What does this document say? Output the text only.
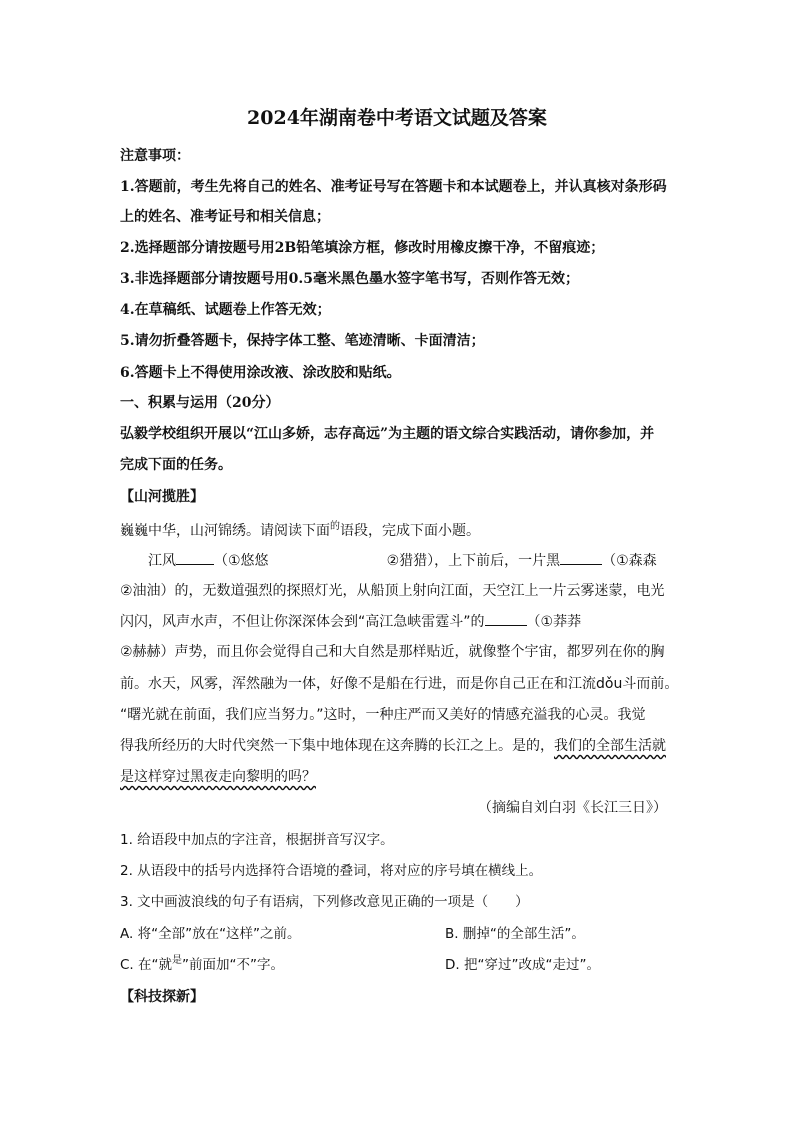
2024年湖南卷中考语文试题及答案
注意事项：
1.答题前，考生先将自己的姓名、准考证号写在答题卡和本试题卷上，并认真核对条形码
上的姓名、准考证号和相关信息；
2.选择题部分请按题号用2B铅笔填涂方框，修改时用橡皮擦干净，不留痕迹；
3.非选择题部分请按题号用0.5毫米黑色墨水签字笔书写，否则作答无效；
4.在草稿纸、试题卷上作答无效；
5.请勿折叠答题卡，保持字体工整、笔迹清晰、卡面清洁；
6.答题卡上不得使用涂改液、涂改胶和贴纸。
一、积累与运用（20分）
弘毅学校组织开展以“江山多娇，志存高远”为主题的语文综合实践活动，请你参加，并
完成下面的任务。
【山河揽胜】
巍巍中华，山河锦绣。请阅读下面$^的$语段，完成下面小题。
江风	（①悠悠	②猎猎），上下前后，一片黑	（①森森
②油油）的，无数道强烈的探照灯光，从船顶上射向江面，天空江上一片云雾迷蒙，电光
闪闪，风声水声，不但让你深深体会到“高江急峡雷霆斗”的	（①莽莽
②赫赫）声势，而且你会觉得自己和大自然是那样贴近，就像整个宇宙，都罗列在你的胸
前。水天，风雾，浑然融为一体，好像不是船在行进，而是你自己正在和江流dǒu斗而前。
“曙光就在前面，我们应当努力。”这时，一种庄严而又美好的情感充溢我的心灵。我觉
得我所经历的大时代突然一下集中地体现在这奔腾的长江之上。是的，我们的全部生活就
是这样穿过黑夜走向黎明的吗？
（摘编自刘白羽《长江三日》）
1. 给语段中加点的字注音，根据拼音写汉字。
2. 从语段中的括号内选择符合语境的叠词，将对应的序号填在横线上。
3. 文中画波浪线的句子有语病，下列修改意见正确的一项是（　　）
A. 将“全部”放在“这样”之前。	B. 删掉“的全部生活”。
C. 在“就$^是$”前面加“不”字。	D. 把“穿过”改成“走过”。
【科技探新】
